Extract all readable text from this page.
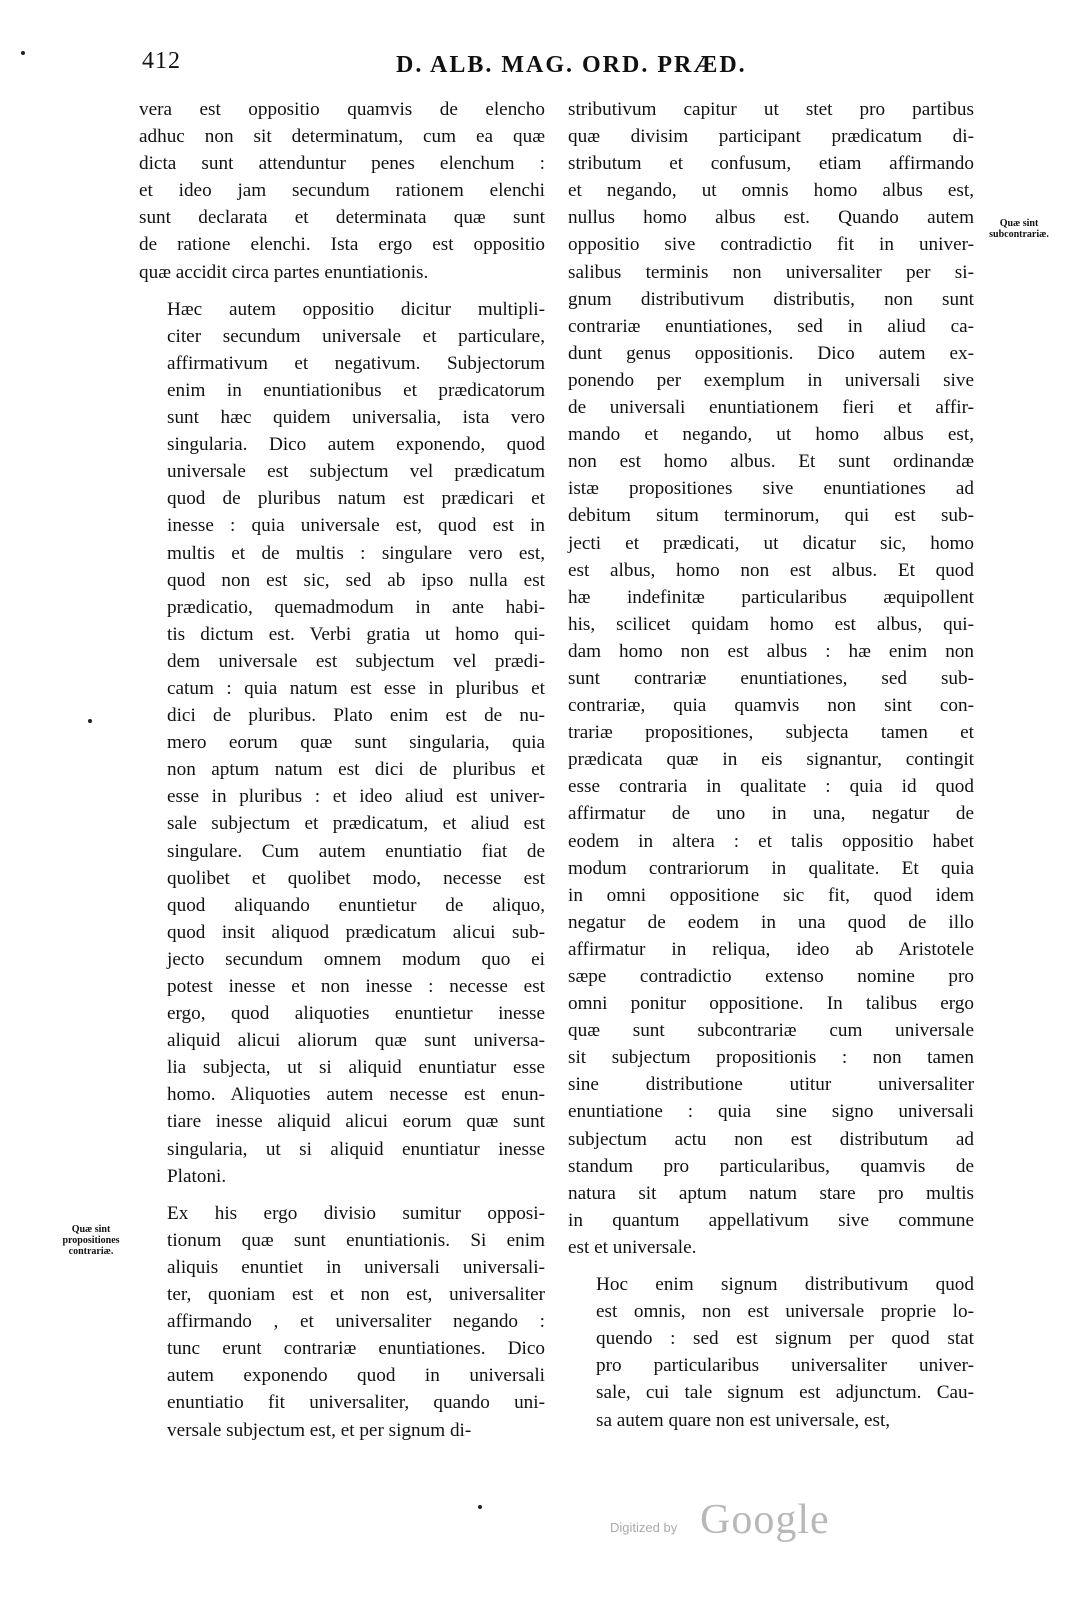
412	D. ALB. MAG. ORD. PRÆD.

vera est oppositio quamvis de elencho
adhuc non sit determinatum, cum ea quæ
dicta sunt attenduntur penes elenchum :
et ideo jam secundum rationem elenchi
sunt declarata et determinata quæ sunt
de ratione elenchi. Ista ergo est oppositio
quæ accidit circa partes enuntiationis.

Hæc autem oppositio dicitur multipli-
citer secundum universale et particulare,
affirmativum et negativum. Subjectorum
enim in enuntiationibus et prædicatorum
sunt hæc quidem universalia, ista vero
singularia. Dico autem exponendo, quod
universale est subjectum vel prædicatum
quod de pluribus natum est prædicari et
inesse : quia universale est, quod est in
multis et de multis : singulare vero est,
quod non est sic, sed ab ipso nulla est
prædicatio, quemadmodum in ante habi-
tis dictum est. Verbi gratia ut homo qui-
dem universale est subjectum vel prædi-
catum : quia natum est esse in pluribus et
dici de pluribus. Plato enim est de nu-
mero eorum quæ sunt singularia, quia
non aptum natum est dici de pluribus et
esse in pluribus : et ideo aliud est univer-
sale subjectum et prædicatum, et aliud est
singulare. Cum autem enuntiatio fiat de
quolibet et quolibet modo, necesse est
quod aliquando enuntietur de aliquo,
quod insit aliquod prædicatum alicui sub-
jecto secundum omnem modum quo ei
potest inesse et non inesse : necesse est
ergo, quod aliquoties enuntietur inesse
aliquid alicui aliorum quæ sunt universa-
lia subjecta, ut si aliquid enuntiatur esse
homo. Aliquoties autem necesse est enun-
tiare inesse aliquid alicui eorum quæ sunt
singularia, ut si aliquid enuntiatur inesse
Platoni.

Ex his ergo divisio sumitur opposi-
tionum quæ sunt enuntiationis. Si enim
aliquis enuntiet in universali universali-
ter, quoniam est et non est, universaliter
affirmando , et universaliter negando :
tunc erunt contrariæ enuntiationes. Dico
autem exponendo quod in universali
enuntiatio fit universaliter, quando uni-
versale subjectum est, et per signum di-

stributivum capitur ut stet pro partibus
quæ divisim participant prædicatum di-
stributum et confusum, etiam affirmando
et negando, ut omnis homo albus est,
nullus homo albus est. Quando autem
oppositio sive contradictio fit in univer-
salibus terminis non universaliter per si-
gnum distributivum distributis, non sunt
contrariæ enuntiationes, sed in aliud ca-
dunt genus oppositionis. Dico autem ex-
ponendo per exemplum in universali sive
de universali enuntiationem fieri et affir-
mando et negando, ut homo albus est,
non est homo albus. Et sunt ordinandæ
istæ propositiones sive enuntiationes ad
debitum situm terminorum, qui est sub-
jecti et prædicati, ut dicatur sic, homo
est albus, homo non est albus. Et quod
hæ indefinitæ particularibus æquipollent
his, scilicet quidam homo est albus, qui-
dam homo non est albus : hæ enim non
sunt contrariæ enuntiationes, sed sub-
contrariæ, quia quamvis non sint con-
trariæ propositiones, subjecta tamen et
prædicata quæ in eis signantur, contingit
esse contraria in qualitate : quia id quod
affirmatur de uno in una, negatur de
eodem in altera : et talis oppositio habet
modum contrariorum in qualitate. Et quia
in omni oppositione sic fit, quod idem
negatur de eodem in una quod de illo
affirmatur in reliqua, ideo ab Aristotele
sæpe contradictio extenso nomine pro
omni ponitur oppositione. In talibus ergo
quæ sunt subcontrariæ cum universale
sit subjectum propositionis : non tamen
sine distributione utitur universaliter
enuntiatione : quia sine signo universali
subjectum actu non est distributum ad
standum pro particularibus, quamvis de
natura sit aptum natum stare pro multis
in quantum appellativum sive commune
est et universale.

Hoc enim signum distributivum quod
est omnis, non est universale proprie lo-
quendo : sed est signum per quod stat
pro particularibus universaliter univer-
sale, cui tale signum est adjunctum. Cau-
sa autem quare non est universale, est,

Quæ sint propositiones contrariæ.
Quæ sint subcontrariæ.
Digitized by Google
